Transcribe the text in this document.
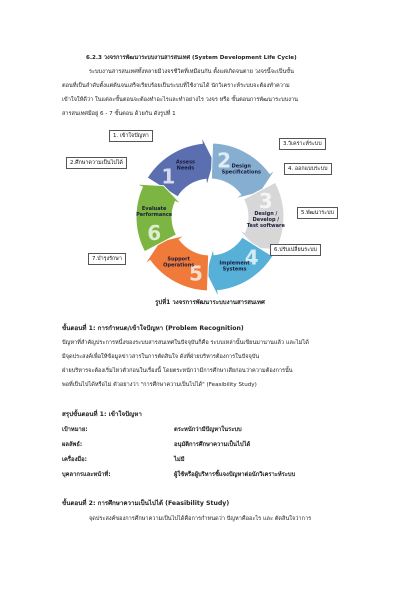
6.2.3 วงจรการพัฒนาระบบงานสารสนเทศ (System Development Life Cycle)
ระบบงานสารสนเทศทั้งหลายมีวงจรชีวิตที่เหมือนกัน ตั้งแต่เกิดจนตาย วงจรนี้จะเป็นขั้น
ตอนที่เป็นลำดับตั้งแต่ต้นจนเสร็จเรียบร้อยเป็นระบบที่ใช้งานได้ นักวิเคราะห์ระบบจะต้องทำความ
เข้าใจให้ดีว่า ในแต่ละขั้นตอนจะต้องทำอะไรและทำอย่างไร วงจร หรือ ขั้นตอนการพัฒนาระบบงาน
สารสนเทศมีอยู่ 6 - 7 ขั้นตอน ด้วยกัน ดังรูปที่ 1
1
Assess
Needs 2 Design
Specifications
3
Design /
Develop /
Test software
4
Implement
Systems
5
Support
Operations
6
Evaluate
Performance
1. เข้าใจปัญหา
2.ศึกษาความเป็นไปได้
3.วิเคราะห์ระบบ
4. ออกแบบระบบ
5.พัฒนาระบบ
6.ปรับเปลี่ยนระบบ
7.บำรุงรักษา
รูปที่1 วงจรการพัฒนาระบบงานสารสนเทศ
ขั้นตอนที่ 1: การกำหนด/เข้าใจปัญหา (Problem Recognition)
ปัญหาที่สำคัญประการหนึ่งของระบบสารสนเทศในปัจจุบันก็คือ ระบบเหล่านั้นเขียนมานานแล้ว และไม่ได้
มีจุดประสงค์เพื่อให้ข้อมูลข่าวสารในการตัดสินใจ ดังที่ฝ่ายบริหารต้องการในปัจจุบัน
ฝ่ายบริหารจะต้องเริ่มไหวตัวก่อนในเรื่องนี้ โดยตระหนักว่ามีการศึกษาเสียก่อนว่าความต้องการนั้น
พอที่เป็นไปได้หรือไม่ ตัวอย่างว่า "การศึกษาความเป็นไปได้" (Feasibility Study)
สรุปขั้นตอนที่ 1: เข้าใจปัญหา
เป้าหมาย:	ตระหนักว่ามีปัญหาในระบบ
ผลลัพธ์:	อนุมัติการศึกษาความเป็นไปได้
เครื่องมือ:	ไม่มี
บุคลากรและหน้าที่:	ผู้ใช้หรือผู้บริหารชี้แจงปัญหาต่อนักวิเคราะห์ระบบ
ขั้นตอนที่ 2: การศึกษาความเป็นไปได้ (Feasibility Study)
จุดประสงค์ของการศึกษาความเป็นไปได้คือการกำหนดว่า ปัญหาคืออะไร และ ตัดสินใจว่าการ
